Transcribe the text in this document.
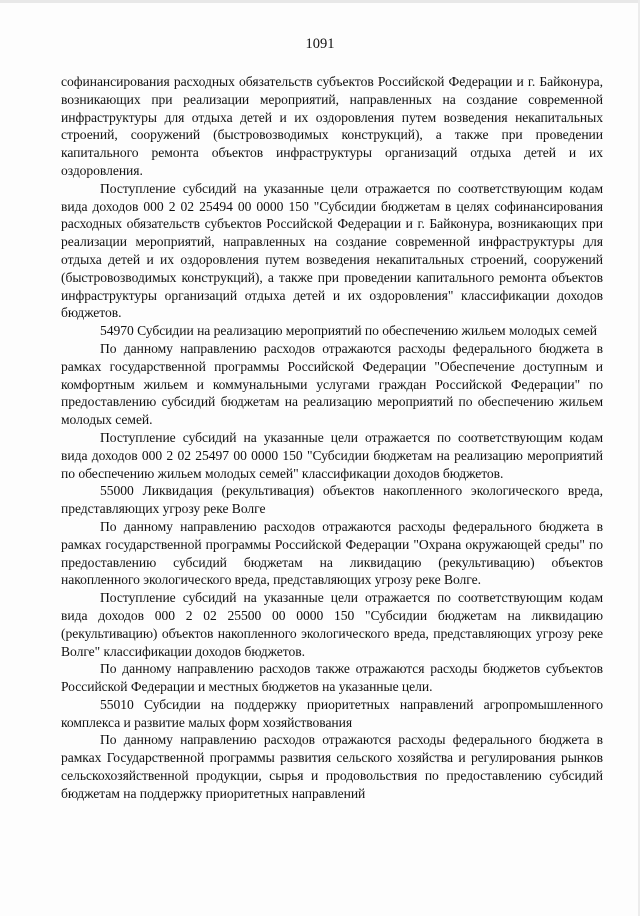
1091

софинансирования расходных обязательств субъектов Российской Федерации и г. Байконура, возникающих при реализации мероприятий, направленных на создание современной инфраструктуры для отдыха детей и их оздоровления путем возведения некапитальных строений, сооружений (быстровозводимых конструкций), а также при проведении капитального ремонта объектов инфраструктуры организаций отдыха детей и их оздоровления.

Поступление субсидий на указанные цели отражается по соответствующим кодам вида доходов 000 2 02 25494 00 0000 150 "Субсидии бюджетам в целях софинансирования расходных обязательств субъектов Российской Федерации и г. Байконура, возникающих при реализации мероприятий, направленных на создание современной инфраструктуры для отдыха детей и их оздоровления путем возведения некапитальных строений, сооружений (быстровозводимых конструкций), а также при проведении капитального ремонта объектов инфраструктуры организаций отдыха детей и их оздоровления" классификации доходов бюджетов.

54970 Субсидии на реализацию мероприятий по обеспечению жильем молодых семей

По данному направлению расходов отражаются расходы федерального бюджета в рамках государственной программы Российской Федерации "Обеспечение доступным и комфортным жильем и коммунальными услугами граждан Российской Федерации" по предоставлению субсидий бюджетам на реализацию мероприятий по обеспечению жильем молодых семей.

Поступление субсидий на указанные цели отражается по соответствующим кодам вида доходов 000 2 02 25497 00 0000 150 "Субсидии бюджетам на реализацию мероприятий по обеспечению жильем молодых семей" классификации доходов бюджетов.

55000 Ликвидация (рекультивация) объектов накопленного экологического вреда, представляющих угрозу реке Волге

По данному направлению расходов отражаются расходы федерального бюджета в рамках государственной программы Российской Федерации "Охрана окружающей среды" по предоставлению субсидий бюджетам на ликвидацию (рекультивацию) объектов накопленного экологического вреда, представляющих угрозу реке Волге.

Поступление субсидий на указанные цели отражается по соответствующим кодам вида доходов 000 2 02 25500 00 0000 150 "Субсидии бюджетам на ликвидацию (рекультивацию) объектов накопленного экологического вреда, представляющих угрозу реке Волге" классификации доходов бюджетов.

По данному направлению расходов также отражаются расходы бюджетов субъектов Российской Федерации и местных бюджетов на указанные цели.

55010 Субсидии на поддержку приоритетных направлений агропромышленного комплекса и развитие малых форм хозяйствования

По данному направлению расходов отражаются расходы федерального бюджета в рамках Государственной программы развития сельского хозяйства и регулирования рынков сельскохозяйственной продукции, сырья и продовольствия по предоставлению субсидий бюджетам на поддержку приоритетных направлений
